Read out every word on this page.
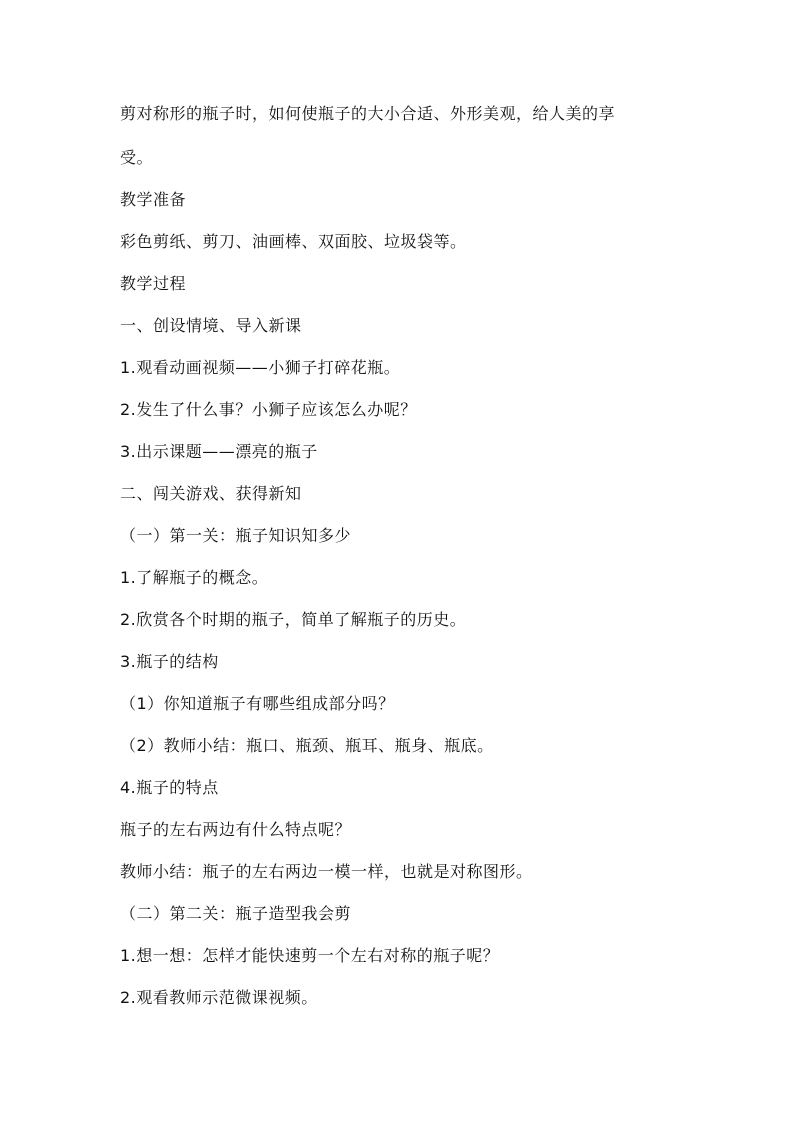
剪对称形的瓶子时，如何使瓶子的大小合适、外形美观，给人美的享
受。
教学准备
彩色剪纸、剪刀、油画棒、双面胶、垃圾袋等。
教学过程
一、创设情境、导入新课
1.观看动画视频——小狮子打碎花瓶。
2.发生了什么事？小狮子应该怎么办呢？
3.出示课题——漂亮的瓶子
二、闯关游戏、获得新知
（一）第一关：瓶子知识知多少
1.了解瓶子的概念。
2.欣赏各个时期的瓶子，简单了解瓶子的历史。
3.瓶子的结构
（1）你知道瓶子有哪些组成部分吗？
（2）教师小结：瓶口、瓶颈、瓶耳、瓶身、瓶底。
4.瓶子的特点
瓶子的左右两边有什么特点呢？
教师小结：瓶子的左右两边一模一样，也就是对称图形。
（二）第二关：瓶子造型我会剪
1.想一想：怎样才能快速剪一个左右对称的瓶子呢？
2.观看教师示范微课视频。
